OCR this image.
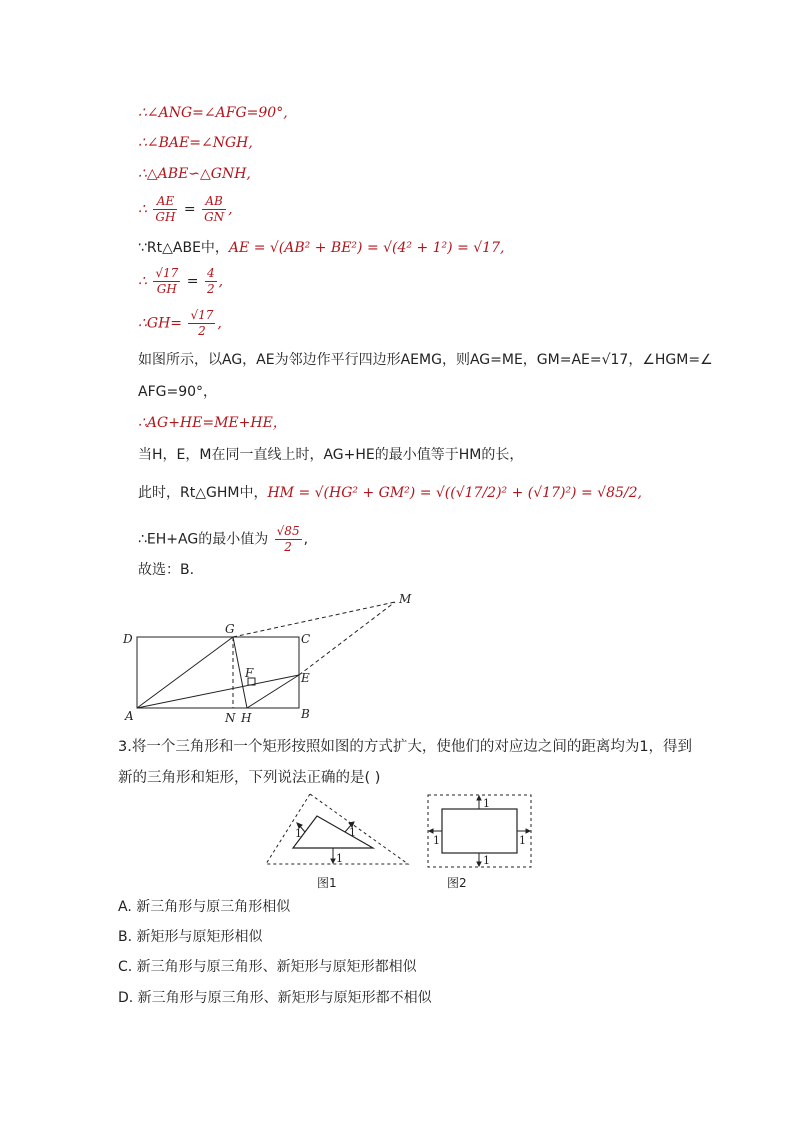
∴∠ANG=∠AFG=90°,
∴∠BAE=∠NGH,
∴△ABE∽△GNH,
∴ $\frac{AE}{GH} = \frac{AB}{GN}$ ,
∵Rt△ABE中，AE = √(AB² + BE²) = √(4² + 1²) = √17,
∴ $\frac{√17}{GH} = \frac{4}{2}$ ,
∴GH= $\frac{√17}{2}$ ,
如图所示，以AG，AE为邻边作平行四边形AEMG，则AG=ME，GM=AE=√17，∠HGM=∠
AFG=90°，
∴AG+HE=ME+HE，
当H，E，M在同一直线上时，AG+HE的最小值等于HM的长，
此时，Rt△GHM中，HM = √(HG² + GM²) = √((√17/2)² + (√17)²) = √85/2,
∴EH+AG的最小值为 $\frac{√85}{2}$ ,
故选：B.
D
G
C
M
F	E
A	N H	B
3.将一个三角形和一个矩形按照如图的方式扩大，使他们的对应边之间的距离均为1，得到
新的三角形和矩形，下列说法正确的是( )
1	1
1
图1
1
1
1	1
图2
A. 新三角形与原三角形相似
B. 新矩形与原矩形相似
C. 新三角形与原三角形、新矩形与原矩形都相似
D. 新三角形与原三角形、新矩形与原矩形都不相似
